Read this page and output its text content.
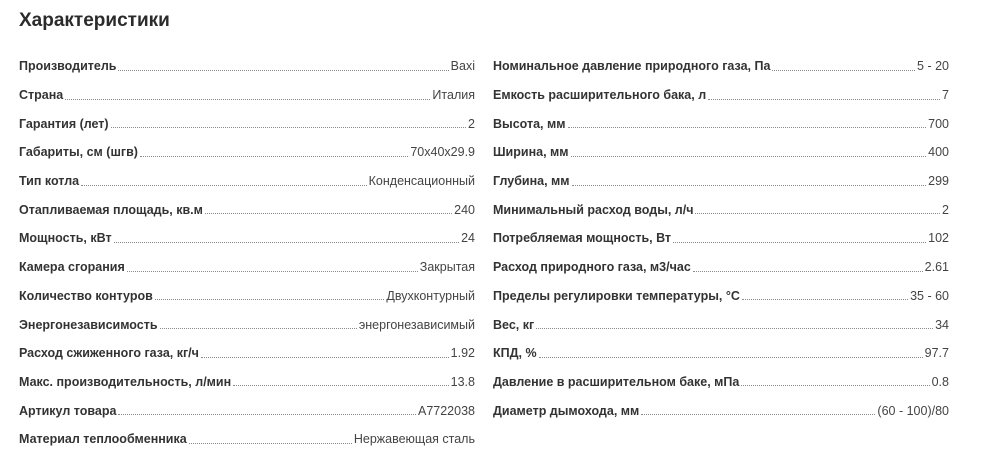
Характеристики
Производитель	Baxi
Страна	Италия
Гарантия (лет)	2
Габариты, см (шгв)	70x40x29.9
Тип котла	Конденсационный
Отапливаемая площадь, кв.м	240
Мощность, кВт	24
Камера сгорания	Закрытая
Количество контуров	Двухконтурный
Энергонезависимость	энергонезависимый
Расход сжиженного газа, кг/ч	1.92
Макс. производительность, л/мин	13.8
Артикул товара	A7722038
Материал теплообменника	Нержавеющая сталь
Номинальное давление природного газа, Па	5 - 20
Емкость расширительного бака, л	7
Высота, мм	700
Ширина, мм	400
Глубина, мм	299
Минимальный расход воды, л/ч	2
Потребляемая мощность, Вт	102
Расход природного газа, м3/час	2.61
Пределы регулировки температуры, °С	35 - 60
Вес, кг	34
КПД, %	97.7
Давление в расширительном баке, мПа	0.8
Диаметр дымохода, мм	(60 - 100)/80
